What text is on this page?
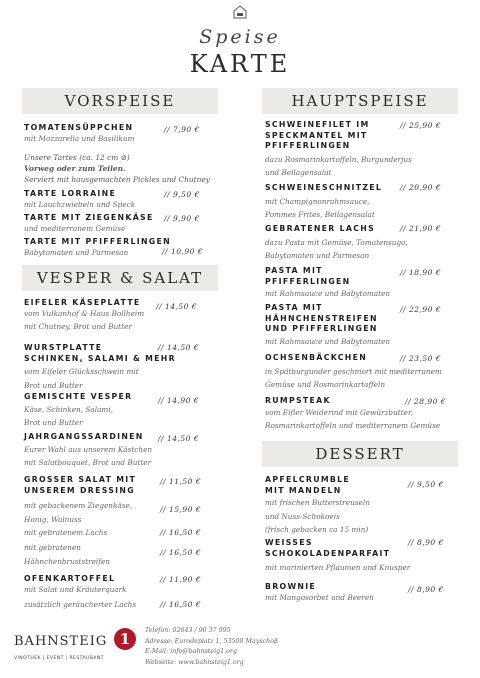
Speise
KARTE
VORSPEISE
TOMATENSÜPPCHEN
mit Mozzarella und Basilikum
// 7,90 €
Unsere Tartes (ca. 12 cm ⊘)
Vorweg oder zum Teilen.
Serviert mit hausgemachten Pickles und Chutney
TARTE LORRAINE
mit Lauchzwiebeln und Speck
// 9,50 €
TARTE MIT ZIEGENKÄSE
und mediterranem Gemüse
// 9,90 €
TARTE MIT PFIFFERLINGEN
Babytomaten und Parmesan	// 10,90 €
VESPER & SALAT
EIFELER KÄSEPLATTE
vom Vulkanhof & Haus Bollheim
mit Chutney, Brot und Butter
// 14,50 €
WURSTPLATTE
SCHINKEN, SALAMI & MEHR
vom Eifeler Glücksschwein mit
Brot und Butter
// 14,50 €
GEMISCHTE VESPER
Käse, Schinken, Salami,
Brot und Butter
// 14,90 €
JAHRGANGSSARDINEN
Eurer Wahl aus unserem Kästchen
mit Salatbouquet, Brot und Butter
// 14,50 €
GROSSER SALAT MIT
UNSEREM DRESSING
// 11,50 €
mit gebackenem Ziegenkäse,
Honig, Walnuss
// 15,90 €
mit gebratenem Lachs	// 16,50 €
mit gebratenen
Hähnchenbruststreifen
// 16,50 €
OFENKARTOFFEL
mit Salat und Kräuterquark
// 11,90 €
zusätzlich geräucherter Lachs	// 16,50 €
HAUPTSPEISE
SCHWEINEFILET IM
SPECKMANTEL MIT
PFIFFERLINGEN
dazu Rosmarinkartoffeln, Burgunderjus
und Beilagensalat
// 25,90 €
SCHWEINESCHNITZEL
mit Champignonrahmsauce,
Pommes Frites, Beilagensalat
// 20,90 €
GEBRATENER LACHS
dazu Pasta mit Gemüse, Tomatensugo,
Babytomaten und Parmesan
// 21,90 €
PASTA MIT
PFIFFERLINGEN
mit Rahmsauce und Babytomaten
// 18,90 €
PASTA MIT
HÄHNCHENSTREIFEN
UND PFIFFERLINGEN
mit Rahmsauce und Babytomaten
// 22,90 €
OCHSENBÄCKCHEN
in Spätburgunder geschmort mit mediterranem
Gemüse und Rosmarinkartoffeln
// 23,50 €
RUMPSTEAK
vom Eifler Weiderind mit Gewürzbutter,
Rosmarinkartoffeln und mediterranem Gemüse
// 28,90 €
DESSERT
APFELCRUMBLE
MIT MANDELN
mit frischen Butterstreuseln
und Nuss-Schokoeis
(frisch gebacken ca 15 min)
// 9,50 €
WEISSES
SCHOKOLADENPARFAIT
mit marinierten Pflaumen und Knusper
// 8,90 €
BROWNIE
mit Mangosorbet und Beeren
// 8,90 €
BAHNSTEIG 1
VINOTHEK | EVENT | RESTAURANT
Telefon: 02643 / 90 37 995
Adresse: Eurodeplatz 1, 53508 Mayschoß
E-Mail: info@bahnsteig1.org
Webseite: www.bahnsteig1.org
